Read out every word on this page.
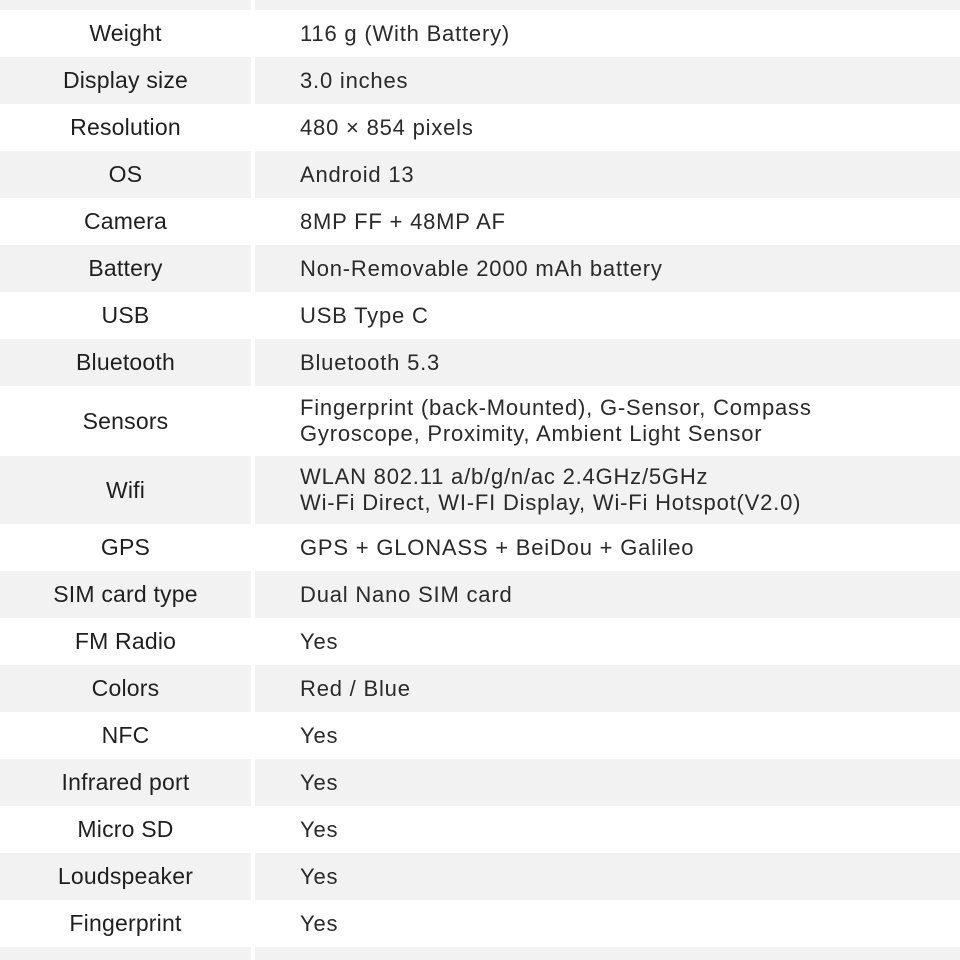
Weight	116 g (With Battery)
Display size	3.0 inches
Resolution	480 × 854 pixels
OS	Android 13
Camera	8MP FF + 48MP AF
Battery	Non-Removable 2000 mAh battery
USB	USB Type C
Bluetooth	Bluetooth 5.3
Sensors	Fingerprint (back-Mounted), G-Sensor, Compass
Gyroscope, Proximity, Ambient Light Sensor
Wifi	WLAN 802.11 a/b/g/n/ac 2.4GHz/5GHz
Wi-Fi Direct, WI-FI Display, Wi-Fi Hotspot(V2.0)
GPS	GPS + GLONASS + BeiDou + Galileo
SIM card type	Dual Nano SIM card
FM Radio	Yes
Colors	Red / Blue
NFC	Yes
Infrared port	Yes
Micro SD	Yes
Loudspeaker	Yes
Fingerprint	Yes
